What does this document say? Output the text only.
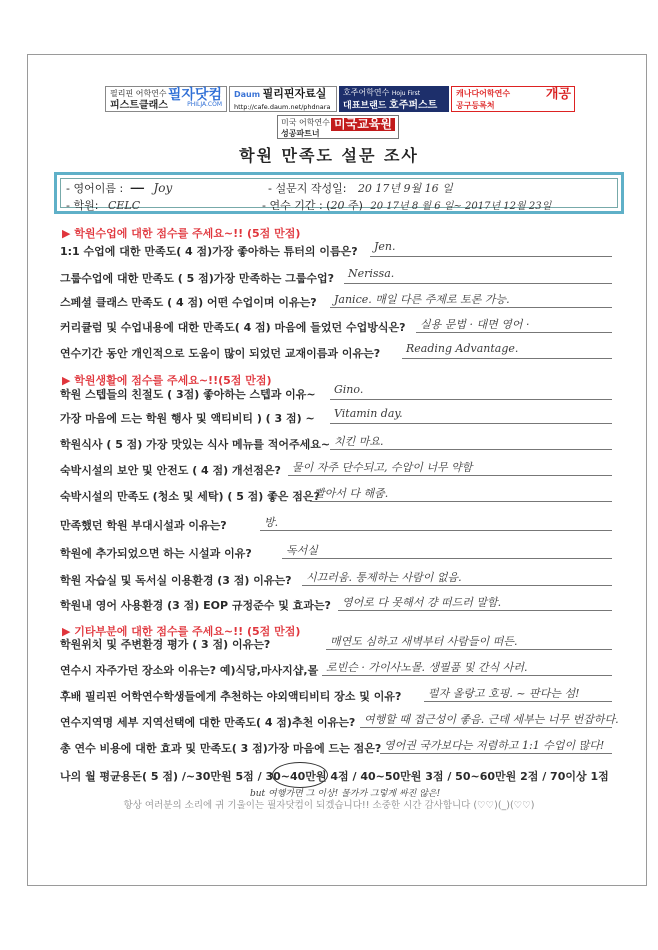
필리핀 어학연수
피스트클래스
필자닷컴
PHILJA.COM
Daum 필리핀자료실
http://cafe.daum.net/phdnara
호주어학연수 Hoju First
대표브랜드 호주퍼스트
캐나다어학연수
공구등록처
개공
미국 어학연수
성공파트너
미국교육원
학원 만족도 설문 조사
- 영어이름 : ── Joy
- 학원: CELC
- 설문지 작성일: 20 17년 9월 16 일
- 연수 기간 : (20 주) 20 17년 8 월 6 일~ 2017년 12월 23일
▶ 학원수업에 대한 점수를 주세요~!! (5점 만점)
▶ 학원생활에 점수를 주세요~!!(5점 만점)
▶ 기타부분에 대한 점수를 주세요~!! (5점 만점)
1:1 수업에 대한 만족도( 4 점)가장 좋아하는 튜터의 이름은? Jen.
그룹수업에 대한 만족도 ( 5 점)가장 만족하는 그룹수업? Nerissa.
스페셜 클래스 만족도 ( 4 점) 어떤 수업이며 이유는? Janice. 매일 다른 주제로 토론 가능.
커리큘럼 및 수업내용에 대한 만족도( 4 점) 마음에 들었던 수업방식은? 실용 문법 · 대면 영어 ·
연수기간 동안 개인적으로 도움이 많이 되었던 교재이름과 이유는? Reading Advantage.
학원 스텝들의 친절도 ( 3점) 좋아하는 스텝과 이유~ Gino.
가장 마음에 드는 학원 행사 및 액티비티 ) ( 3 점) ~ Vitamin day.
학원식사 ( 5 점) 가장 맛있는 식사 메뉴를 적어주세요~ 치킨 마요.
숙박시설의 보안 및 안전도 ( 4 점) 개선점은? 물이 자주 단수되고, 수압이 너무 약함
숙박시설의 만족도 (청소 및 세탁) ( 5 점) 좋은 점은?
빨아서 다 해줌.
만족했던 학원 부대시설과 이유는?	방.
학원에 추가되었으면 하는 시설과 이유?	독서실
학원 자습실 및 독서실 이용환경 (3 점) 이유는? 시끄러움. 통제하는 사람이 없음.
학원내 영어 사용환경 (3 점) EOP 규정준수 및 효과는? 영어로 다 못해서 걍 떠드러 말함.
학원위치 및 주변환경 평가 ( 3 점) 이유는?	매연도 심하고 새벽부터 사람들이 떠든.
연수시 자주가던 장소와 이유는? 예)식당,마사지샵,몰 로빈슨 · 가이사노몰. 생필품 및 간식 사러.
후배 필리핀 어학연수학생들에게 추천하는 야외액티비티 장소 및 이유? 펄자 올랑고 호핑. ~ 판다는 섬!
연수지역명 세부 지역선택에 대한 만족도( 4 점)추천 이유는? 여행할 때 접근성이 좋음. 근데 세부는 너무 번잡하다.
총 연수 비용에 대한 효과 및 만족도( 3 점)가장 마음에 드는 점은? 영어권 국가보다는 저렴하고 1:1 수업이 많다!
나의 월 평균용돈( 5 점) /~30만원 5점 / 30~40만원 4점 / 40~50만원 3점 / 50~60만원 2점 / 70이상 1점
but 여행가면 그 이상! 물가가 그렇게 싸진 않은!
항상 여러분의 소리에 귀 기울이는 필자닷컴이 되겠습니다!! 소중한 시간 감사합니다 (♡♡)(_)(♡♡)
